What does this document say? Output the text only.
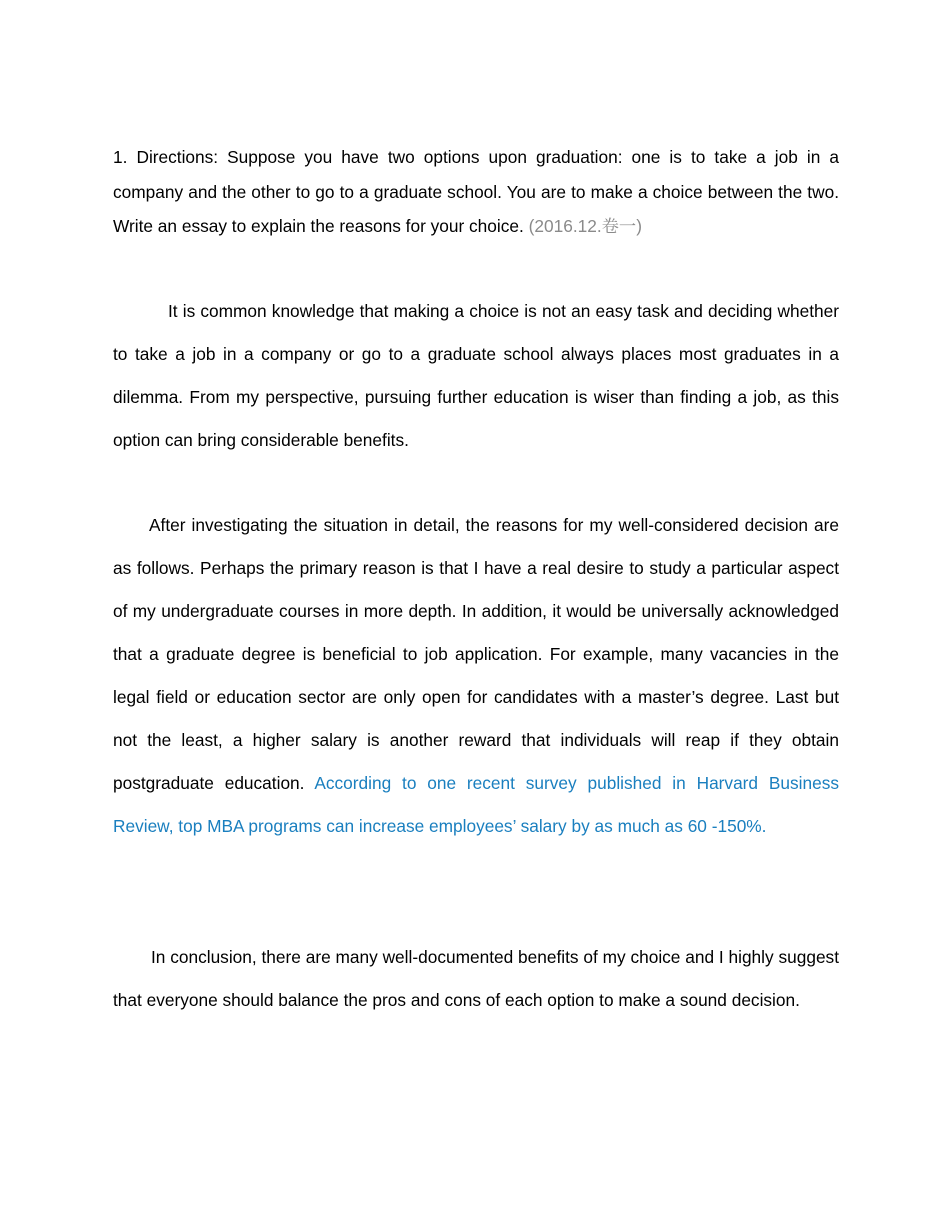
1. Directions: Suppose you have two options upon graduation: one is to take a job in a company and the other to go to a graduate school. You are to make a choice between the two. Write an essay to explain the reasons for your choice. (2016.12.卷一)

It is common knowledge that making a choice is not an easy task and deciding whether to take a job in a company or go to a graduate school always places most graduates in a dilemma. From my perspective, pursuing further education is wiser than finding a job, as this option can bring considerable benefits.

After investigating the situation in detail, the reasons for my well-considered decision are as follows. Perhaps the primary reason is that I have a real desire to study a particular aspect of my undergraduate courses in more depth. In addition, it would be universally acknowledged that a graduate degree is beneficial to job application. For example, many vacancies in the legal field or education sector are only open for candidates with a master’s degree. Last but not the least, a higher salary is another reward that individuals will reap if they obtain postgraduate education. According to one recent survey published in Harvard Business Review, top MBA programs can increase employees’ salary by as much as 60 -150%.

In conclusion, there are many well-documented benefits of my choice and I highly suggest that everyone should balance the pros and cons of each option to make a sound decision.
